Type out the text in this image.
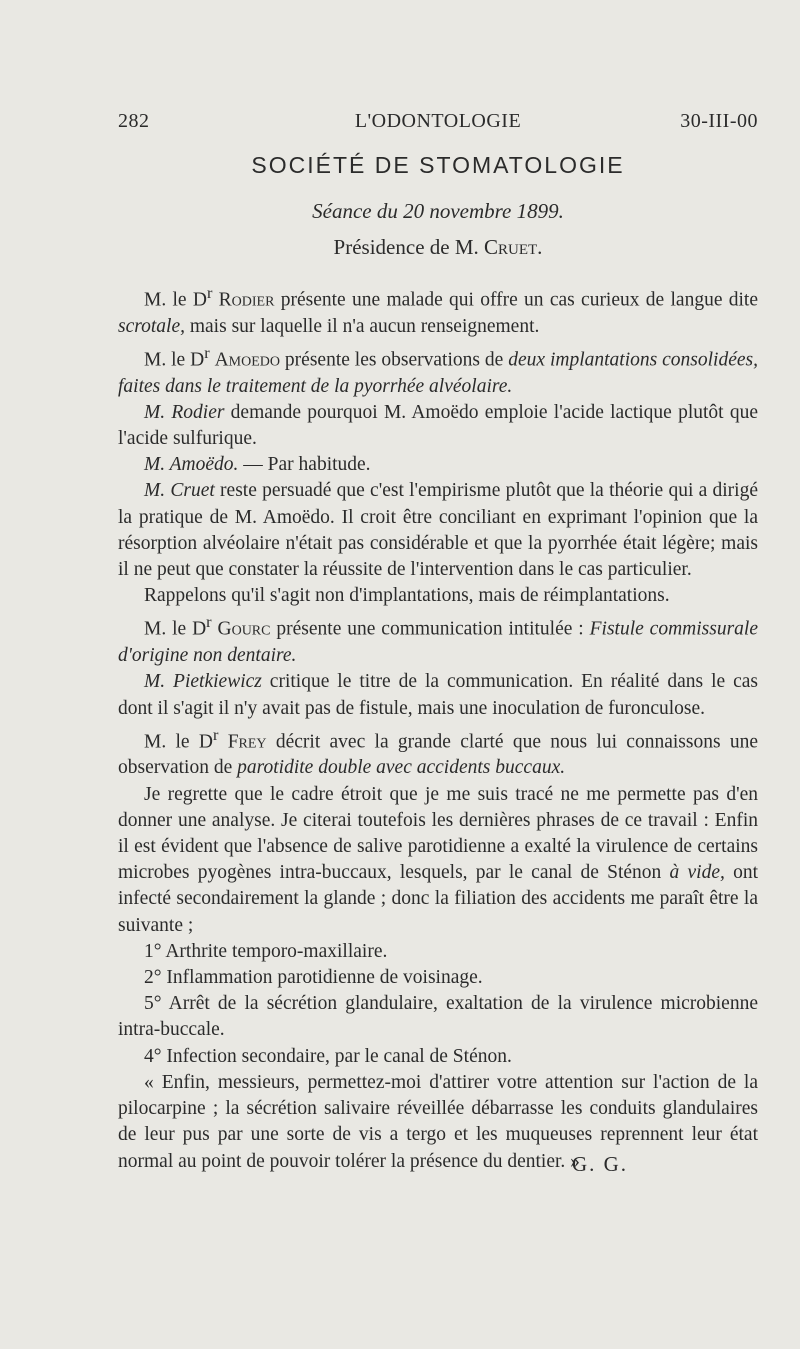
282	L'ODONTOLOGIE	30-III-00
SOCIÉTÉ DE STOMATOLOGIE
Séance du 20 novembre 1899.
Présidence de M. Cruet.

M. le $D^r$ Rodier présente une malade qui offre un cas curieux de langue dite scrotale, mais sur laquelle il n'a aucun renseignement.

M. le $D^r$ Amoedo présente les observations de deux implantations consolidées, faites dans le traitement de la pyorrhée alvéolaire.

M. Rodier demande pourquoi M. Amoëdo emploie l'acide lactique plutôt que l'acide sulfurique.

M. Amoëdo. — Par habitude.

M. Cruet reste persuadé que c'est l'empirisme plutôt que la théorie qui a dirigé la pratique de M. Amoëdo. Il croit être conciliant en exprimant l'opinion que la résorption alvéolaire n'était pas considérable et que la pyorrhée était légère; mais il ne peut que constater la réussite de l'intervention dans le cas particulier.

Rappelons qu'il s'agit non d'implantations, mais de réimplantations.

M. le $D^r$ Gourc présente une communication intitulée : Fistule commissurale d'origine non dentaire.

M. Pietkiewicz critique le titre de la communication. En réalité dans le cas dont il s'agit il n'y avait pas de fistule, mais une inoculation de furonculose.

M. le $D^r$ Frey décrit avec la grande clarté que nous lui connaissons une observation de parotidite double avec accidents buccaux.

Je regrette que le cadre étroit que je me suis tracé ne me permette pas d'en donner une analyse. Je citerai toutefois les dernières phrases de ce travail : Enfin il est évident que l'absence de salive parotidienne a exalté la virulence de certains microbes pyogènes intra-buccaux, lesquels, par le canal de Sténon à vide, ont infecté secondairement la glande ; donc la filiation des accidents me paraît être la suivante ;

1° Arthrite temporo-maxillaire.

2° Inflammation parotidienne de voisinage.

5° Arrêt de la sécrétion glandulaire, exaltation de la virulence microbienne intra-buccale.

4° Infection secondaire, par le canal de Sténon.

« Enfin, messieurs, permettez-moi d'attirer votre attention sur l'action de la pilocarpine ; la sécrétion salivaire réveillée débarrasse les conduits glandulaires de leur pus par une sorte de vis a tergo et les muqueuses reprennent leur état normal au point de pouvoir tolérer la présence du dentier. »

G. G.
